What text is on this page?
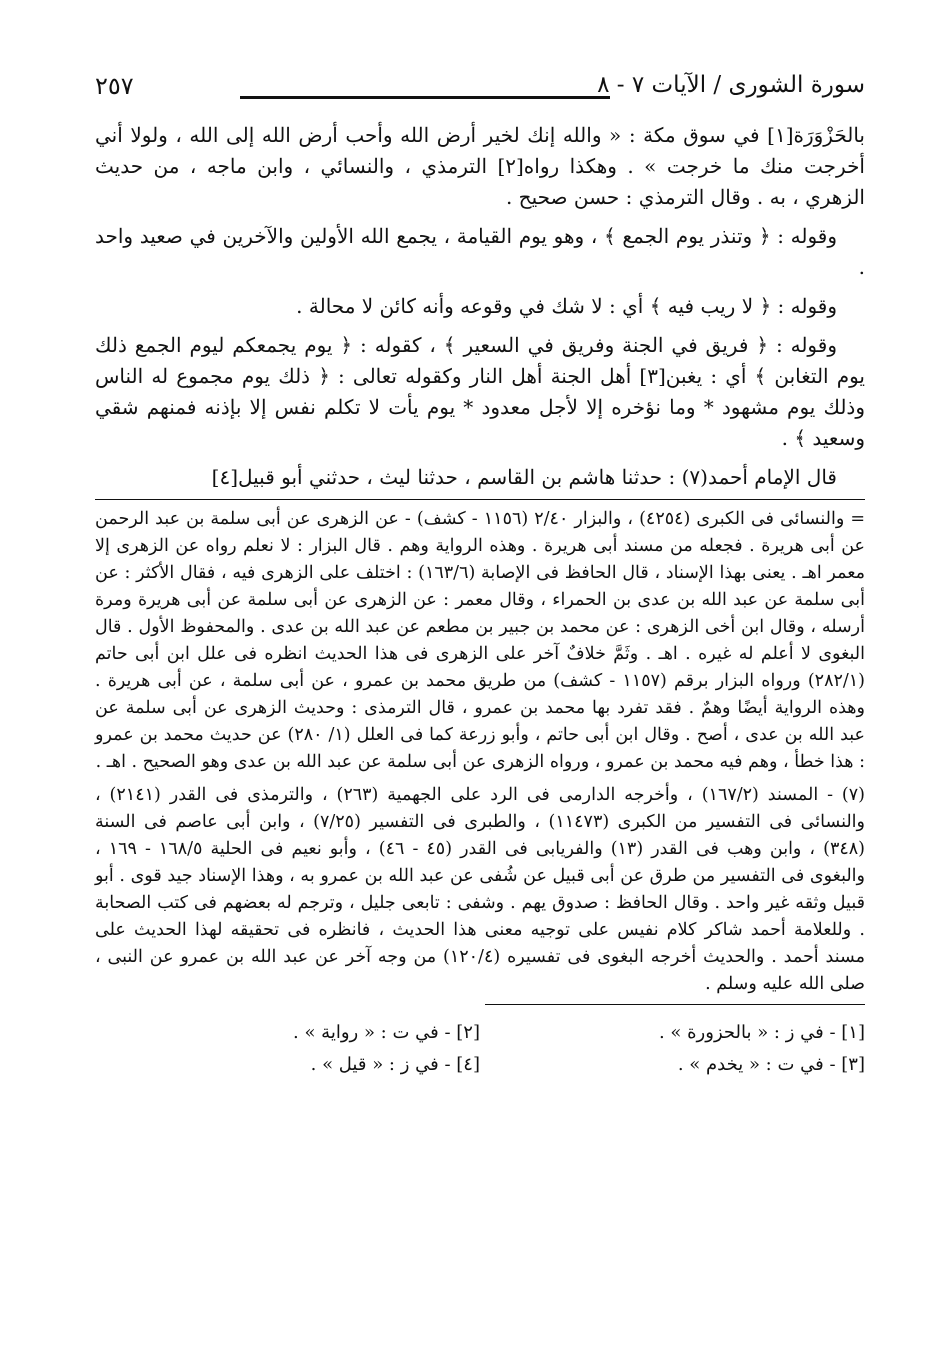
٢٥٧	سورة الشورى / الآيات ٧ - ٨

بالحَزْوَرَة[١] في سوق مكة : « والله إنك لخير أرض الله وأحب أرض الله إلى الله ، ولولا أني أخرجت منك ما خرجت » . وهكذا رواه[٢] الترمذي ، والنسائي ، وابن ماجه ، من حديث الزهري ، به . وقال الترمذي : حسن صحيح .

وقوله : ﴿ وتنذر يوم الجمع ﴾ ، وهو يوم القيامة ، يجمع الله الأولين والآخرين في صعيد واحد .

وقوله : ﴿ لا ريب فيه ﴾ أي : لا شك في وقوعه وأنه كائن لا محالة .

وقوله : ﴿ فريق في الجنة وفريق في السعير ﴾ ، كقوله : ﴿ يوم يجمعكم ليوم الجمع ذلك يوم التغابن ﴾ أي : يغبن[٣] أهل الجنة أهل النار وكقوله تعالى : ﴿ ذلك يوم مجموع له الناس وذلك يوم مشهود * وما نؤخره إلا لأجل معدود * يوم يأت لا تكلم نفس إلا بإذنه فمنهم شقي وسعيد ﴾ .

قال الإمام أحمد(٧) : حدثنا هاشم بن القاسم ، حدثنا ليث ، حدثني أبو قبيل[٤]

= والنسائى فى الكبرى (٤٢٥٤) ، والبزار ٢/٤٠ (١١٥٦ - كشف) - عن الزهرى عن أبى سلمة بن عبد الرحمن عن أبى هريرة . فجعله من مسند أبى هريرة . وهذه الرواية وهم . قال البزار : لا نعلم رواه عن الزهرى إلا معمر اهـ . يعنى بهذا الإسناد ، قال الحافظ فى الإصابة (١٦٣/٦) : اختلف على الزهرى فيه ، فقال الأكثر : عن أبى سلمة عن عبد الله بن عدى بن الحمراء ، وقال معمر : عن الزهرى عن أبى سلمة عن أبى هريرة ومرة أرسله ، وقال ابن أخى الزهرى : عن محمد بن جبير بن مطعم عن عبد الله بن عدى . والمحفوظ الأول . قال البغوى لا أعلم له غيره . اهـ . وثَمَّ خلافٌ آخر على الزهرى فى هذا الحديث انظره فى علل ابن أبى حاتم (٢٨٢/١) ورواه البزار برقم (١١٥٧ - كشف) من طريق محمد بن عمرو ، عن أبى سلمة ، عن أبى هريرة . وهذه الرواية أيضًا وهمٌ . فقد تفرد بها محمد بن عمرو ، قال الترمذى : وحديث الزهرى عن أبى سلمة عن عبد الله بن عدى ، أصح . وقال ابن أبى حاتم ، وأبو زرعة كما فى العلل (١/ ٢٨٠) عن حديث محمد بن عمرو : هذا خطأ ، وهم فيه محمد بن عمرو ، ورواه الزهرى عن أبى سلمة عن عبد الله بن عدى وهو الصحيح . اهـ .

(٧) - المسند (١٦٧/٢) ، وأخرجه الدارمى فى الرد على الجهمية (٢٦٣) ، والترمذى فى القدر (٢١٤١) ، والنسائى فى التفسير من الكبرى (١١٤٧٣) ، والطبرى فى التفسير (٧/٢٥) ، وابن أبى عاصم فى السنة (٣٤٨) ، وابن وهب فى القدر (١٣) والفريابى فى القدر (٤٥ - ٤٦) ، وأبو نعيم فى الحلية ١٦٨/٥ - ١٦٩ ، والبغوى فى التفسير من طرق عن أبى قبيل عن شُفى عن عبد الله بن عمرو به ، وهذا الإسناد جيد قوى . أبو قبيل وثقه غير واحد . وقال الحافظ : صدوق يهم . وشفى : تابعى جليل ، وترجم له بعضهم فى كتب الصحابة . وللعلامة أحمد شاكر كلام نفيس على توجيه معنى هذا الحديث ، فانظره فى تحقيقه لهذا الحديث على مسند أحمد . والحديث أخرجه البغوى فى تفسيره (١٢٠/٤) من وجه آخر عن عبد الله بن عمرو عن النبى ، صلى الله عليه وسلم .

[١] - في ز : « بالحزورة » .
[٢] - في ت : « رواية » .
[٣] - في ت : « يخدم » .
[٤] - في ز : « قيل » .
